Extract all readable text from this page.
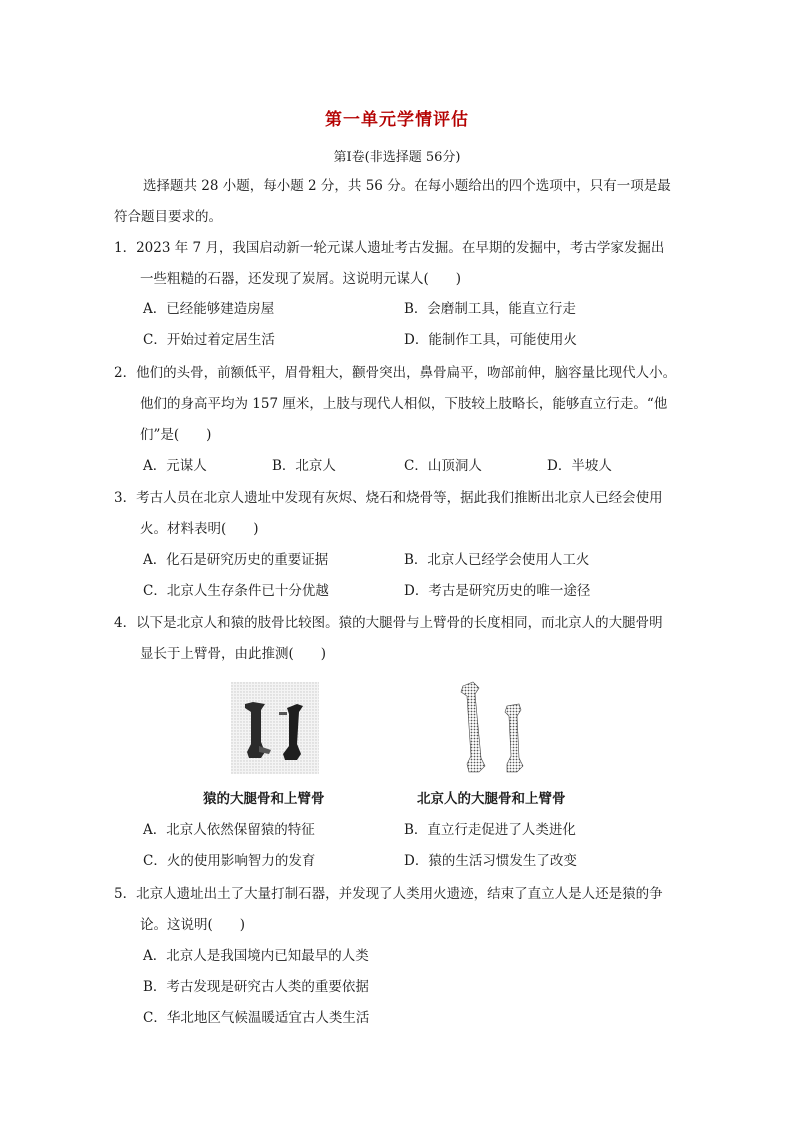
第一单元学情评估
第Ⅰ卷(非选择题 56分)
选择题共 28 小题，每小题 2 分，共 56 分。在每小题给出的四个选项中，只有一项是最
符合题目要求的。
1．2023 年 7 月，我国启动新一轮元谋人遗址考古发掘。在早期的发掘中，考古学家发掘出
一些粗糙的石器，还发现了炭屑。这说明元谋人(　　)
A．已经能够建造房屋	B．会磨制工具，能直立行走
C．开始过着定居生活	D．能制作工具，可能使用火
2．他们的头骨，前额低平，眉骨粗大，颧骨突出，鼻骨扁平，吻部前伸，脑容量比现代人小。
他们的身高平均为 157 厘米，上肢与现代人相似，下肢较上肢略长，能够直立行走。“他
们”是(　　)
A．元谋人	B．北京人	C．山顶洞人	D．半坡人
3．考古人员在北京人遗址中发现有灰烬、烧石和烧骨等，据此我们推断出北京人已经会使用
火。材料表明(　　)
A．化石是研究历史的重要证据	B．北京人已经学会使用人工火
C．北京人生存条件已十分优越	D．考古是研究历史的唯一途径
4．以下是北京人和猿的肢骨比较图。猿的大腿骨与上臂骨的长度相同，而北京人的大腿骨明
显长于上臂骨，由此推测(　　)
猿的大腿骨和上臂骨	北京人的大腿骨和上臂骨
A．北京人依然保留猿的特征	B．直立行走促进了人类进化
C．火的使用影响智力的发育	D．猿的生活习惯发生了改变
5．北京人遗址出土了大量打制石器，并发现了人类用火遗迹，结束了直立人是人还是猿的争
论。这说明(　　)
A．北京人是我国境内已知最早的人类
B．考古发现是研究古人类的重要依据
C．华北地区气候温暖适宜古人类生活
